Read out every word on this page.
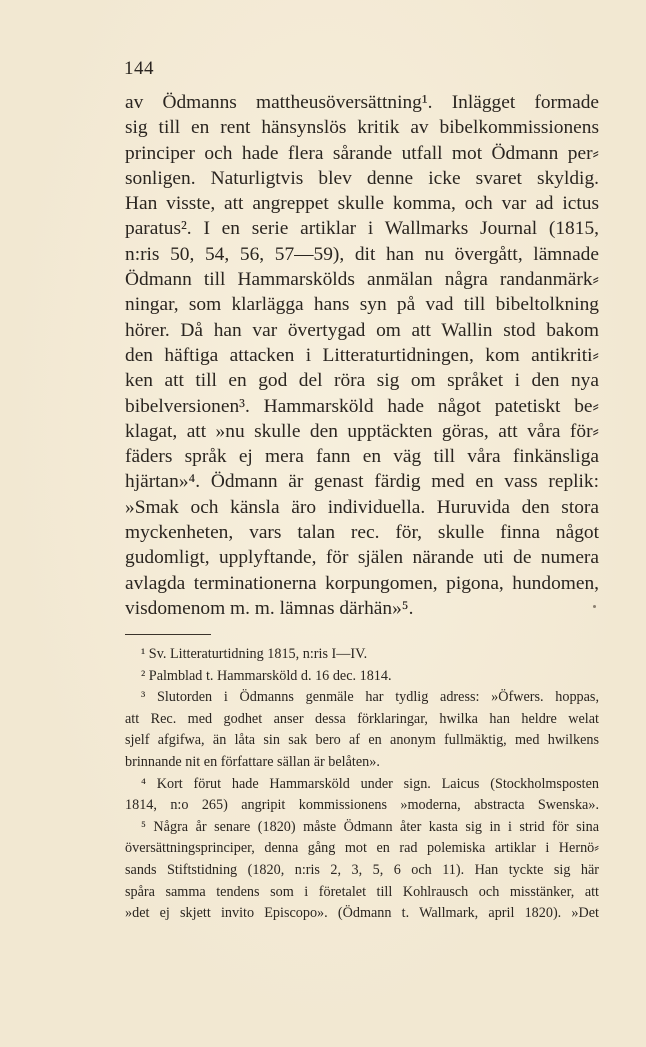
144
av Ödmanns mattheusöversättning¹. Inlägget formade
sig till en rent hänsynslös kritik av bibelkommissionens
principer och hade flera sårande utfall mot Ödmann per⸗
sonligen. Naturligtvis blev denne icke svaret skyldig.
Han visste, att angreppet skulle komma, och var ad ictus
paratus². I en serie artiklar i Wallmarks Journal (1815,
n:ris 50, 54, 56, 57—59), dit han nu övergått, lämnade
Ödmann till Hammarskölds anmälan några randanmärk⸗
ningar, som klarlägga hans syn på vad till bibeltolkning
hörer. Då han var övertygad om att Wallin stod bakom
den häftiga attacken i Litteraturtidningen, kom antikriti⸗
ken att till en god del röra sig om språket i den nya
bibelversionen³. Hammarsköld hade något patetiskt be⸗
klagat, att »nu skulle den upptäckten göras, att våra för⸗
fäders språk ej mera fann en väg till våra finkänsliga
hjärtan»⁴. Ödmann är genast färdig med en vass replik:
»Smak och känsla äro individuella. Huruvida den stora
myckenheten, vars talan rec. för, skulle finna något
gudomligt, upplyftande, för själen närande uti de numera
avlagda terminationerna korpungomen, pigona, hundomen,
visdomenom m. m. lämnas därhän»⁵.
¹ Sv. Litteraturtidning 1815, n:ris I—IV.
² Palmblad t. Hammarsköld d. 16 dec. 1814.
³ Slutorden i Ödmanns genmäle har tydlig adress: »Öfwers. hoppas,
att Rec. med godhet anser dessa förklaringar, hwilka han heldre welat
sjelf afgifwa, än låta sin sak bero af en anonym fullmäktig, med hwilkens
brinnande nit en författare sällan är belåten».
⁴ Kort förut hade Hammarsköld under sign. Laicus (Stockholmsposten
1814, n:o 265) angripit kommissionens »moderna, abstracta Swenska».
⁵ Några år senare (1820) måste Ödmann åter kasta sig in i strid för sina
översättningsprinciper, denna gång mot en rad polemiska artiklar i Hernö⸗
sands Stiftstidning (1820, n:ris 2, 3, 5, 6 och 11). Han tyckte sig här
spåra samma tendens som i företalet till Kohlrausch och misstänker, att
»det ej skjett invito Episcopo». (Ödmann t. Wallmark, april 1820). »Det
